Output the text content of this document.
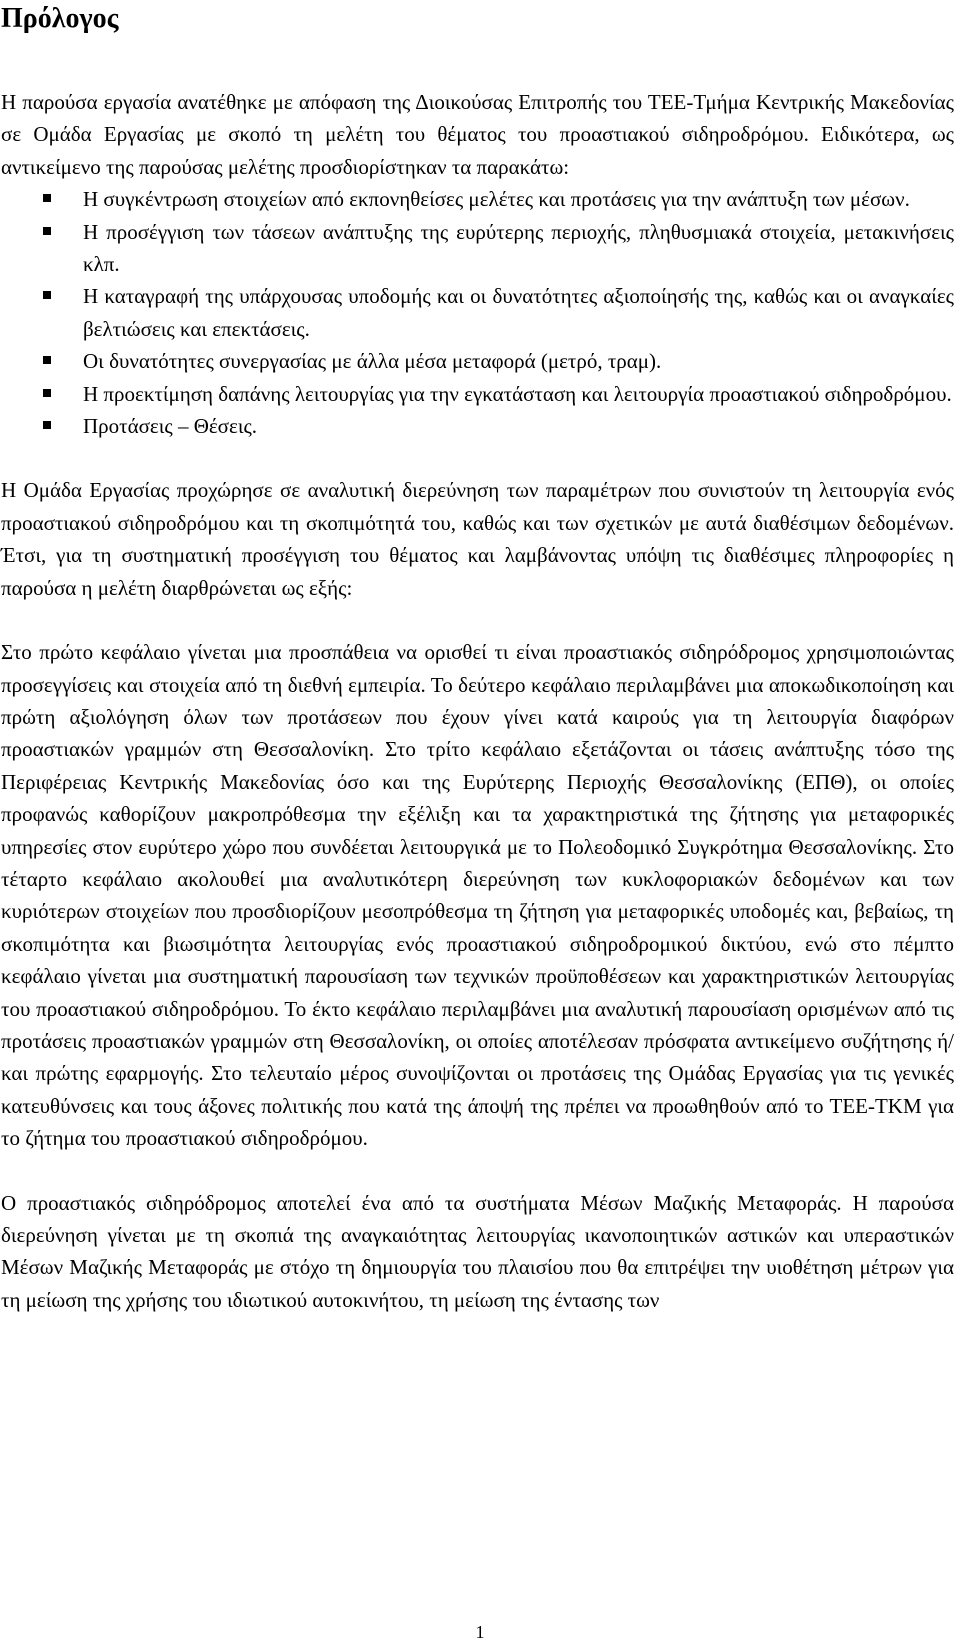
Πρόλογος

Η παρούσα εργασία ανατέθηκε με απόφαση της Διοικούσας Επιτροπής του ΤΕΕ-Τμήμα Κεντρικής Μακεδονίας σε Ομάδα Εργασίας με σκοπό τη μελέτη του θέματος του προαστιακού σιδηροδρόμου. Ειδικότερα, ως αντικείμενο της παρούσας μελέτης προσδιορίστηκαν τα παρακάτω:

Η συγκέντρωση στοιχείων από εκπονηθείσες μελέτες και προτάσεις για την ανάπτυξη των μέσων.
Η προσέγγιση των τάσεων ανάπτυξης της ευρύτερης περιοχής, πληθυσμιακά στοιχεία, μετακινήσεις κλπ.
Η καταγραφή της υπάρχουσας υποδομής και οι δυνατότητες αξιοποίησής της, καθώς και οι αναγκαίες βελτιώσεις και επεκτάσεις.
Οι δυνατότητες συνεργασίας με άλλα μέσα μεταφορά (μετρό, τραμ).
Η προεκτίμηση δαπάνης λειτουργίας για την εγκατάσταση και λειτουργία προαστιακού σιδηροδρόμου.
Προτάσεις – Θέσεις.

Η Ομάδα Εργασίας προχώρησε σε αναλυτική διερεύνηση των παραμέτρων που συνιστούν τη λειτουργία ενός προαστιακού σιδηροδρόμου και τη σκοπιμότητά του, καθώς και των σχετικών με αυτά διαθέσιμων δεδομένων. Έτσι, για τη συστηματική προσέγγιση του θέματος και λαμβάνοντας υπόψη τις διαθέσιμες πληροφορίες η παρούσα η μελέτη διαρθρώνεται ως εξής:

Στο πρώτο κεφάλαιο γίνεται μια προσπάθεια να ορισθεί τι είναι προαστιακός σιδηρόδρομος χρησιμοποιώντας προσεγγίσεις και στοιχεία από τη διεθνή εμπειρία. Το δεύτερο κεφάλαιο περιλαμβάνει μια αποκωδικοποίηση και πρώτη αξιολόγηση όλων των προτάσεων που έχουν γίνει κατά καιρούς για τη λειτουργία διαφόρων προαστιακών γραμμών στη Θεσσαλονίκη. Στο τρίτο κεφάλαιο εξετάζονται οι τάσεις ανάπτυξης τόσο της Περιφέρειας Κεντρικής Μακεδονίας όσο και της Ευρύτερης Περιοχής Θεσσαλονίκης (ΕΠΘ), οι οποίες προφανώς καθορίζουν μακροπρόθεσμα την εξέλιξη και τα χαρακτηριστικά της ζήτησης για μεταφορικές υπηρεσίες στον ευρύτερο χώρο που συνδέεται λειτουργικά με το Πολεοδομικό Συγκρότημα Θεσσαλονίκης. Στο τέταρτο κεφάλαιο ακολουθεί μια αναλυτικότερη διερεύνηση των κυκλοφοριακών δεδομένων και των κυριότερων στοιχείων που προσδιορίζουν μεσοπρόθεσμα τη ζήτηση για μεταφορικές υποδομές και, βεβαίως, τη σκοπιμότητα και βιωσιμότητα λειτουργίας ενός προαστιακού σιδηροδρομικού δικτύου, ενώ στο πέμπτο κεφάλαιο γίνεται μια συστηματική παρουσίαση των τεχνικών προϋποθέσεων και χαρακτηριστικών λειτουργίας του προαστιακού σιδηροδρόμου. Το έκτο κεφάλαιο περιλαμβάνει μια αναλυτική παρουσίαση ορισμένων από τις προτάσεις προαστιακών γραμμών στη Θεσσαλονίκη, οι οποίες αποτέλεσαν πρόσφατα αντικείμενο συζήτησης ή/και πρώτης εφαρμογής. Στο τελευταίο μέρος συνοψίζονται οι προτάσεις της Ομάδας Εργασίας για τις γενικές κατευθύνσεις και τους άξονες πολιτικής που κατά της άποψή της πρέπει να προωθηθούν από το ΤΕΕ-ΤΚΜ για το ζήτημα του προαστιακού σιδηροδρόμου.

Ο προαστιακός σιδηρόδρομος αποτελεί ένα από τα συστήματα Μέσων Μαζικής Μεταφοράς. Η παρούσα διερεύνηση γίνεται με τη σκοπιά της αναγκαιότητας λειτουργίας ικανοποιητικών αστικών και υπεραστικών Μέσων Μαζικής Μεταφοράς με στόχο τη δημιουργία του πλαισίου που θα επιτρέψει την υιοθέτηση μέτρων για τη μείωση της χρήσης του ιδιωτικού αυτοκινήτου, τη μείωση της έντασης των

1
